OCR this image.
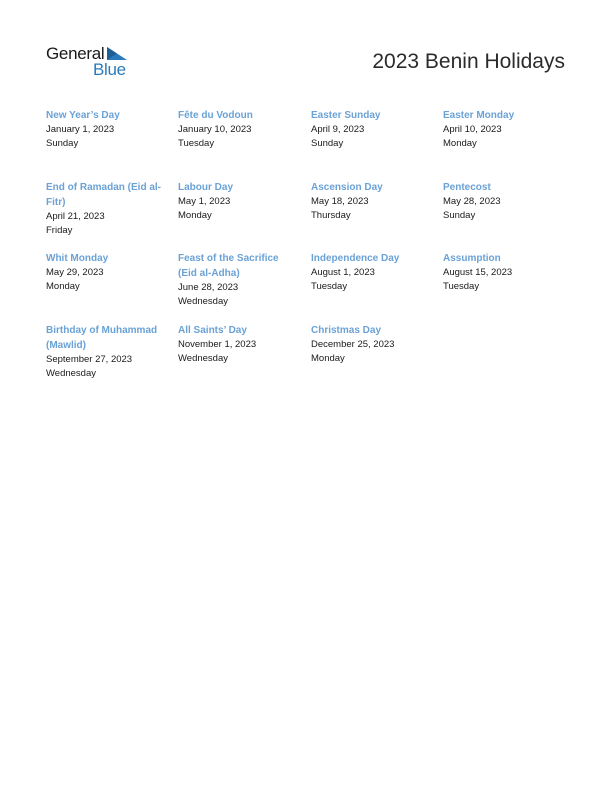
General
Blue	2023 Benin Holidays
New Year’s Day
January 1, 2023
Sunday
Fête du Vodoun
January 10, 2023
Tuesday
Easter Sunday
April 9, 2023
Sunday
Easter Monday
April 10, 2023
Monday
End of Ramadan (Eid al-Fitr)
April 21, 2023
Friday
Labour Day
May 1, 2023
Monday
Ascension Day
May 18, 2023
Thursday
Pentecost
May 28, 2023
Sunday
Whit Monday
May 29, 2023
Monday
Feast of the Sacrifice (Eid al-Adha)
June 28, 2023
Wednesday
Independence Day
August 1, 2023
Tuesday
Assumption
August 15, 2023
Tuesday
Birthday of Muhammad (Mawlid)
September 27, 2023
Wednesday
All Saints’ Day
November 1, 2023
Wednesday
Christmas Day
December 25, 2023
Monday
